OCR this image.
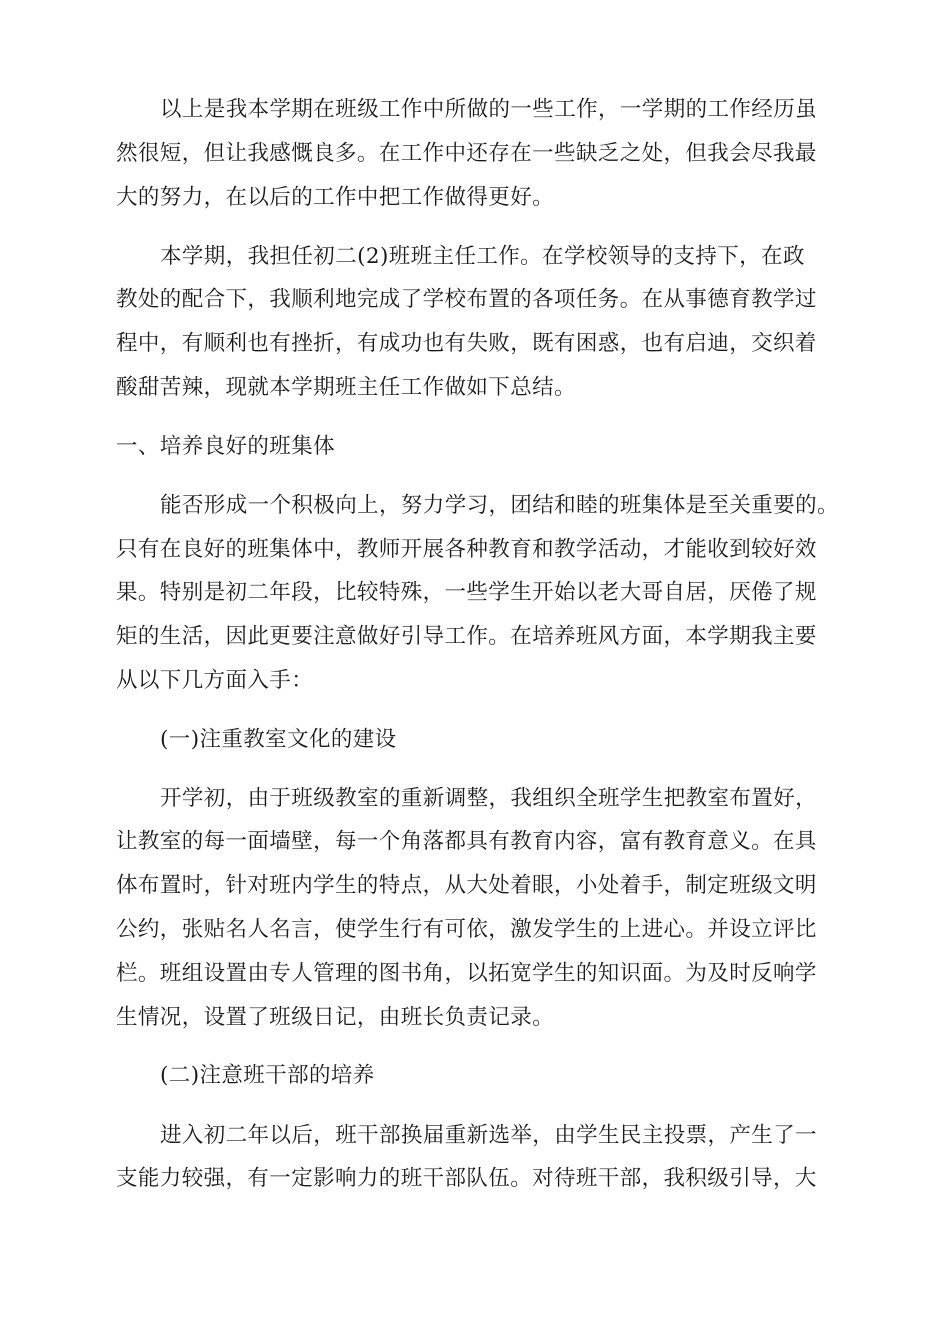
以上是我本学期在班级工作中所做的一些工作，一学期的工作经历虽
然很短，但让我感慨良多。在工作中还存在一些缺乏之处，但我会尽我最
大的努力，在以后的工作中把工作做得更好。
本学期，我担任初二(2)班班主任工作。在学校领导的支持下，在政
教处的配合下，我顺利地完成了学校布置的各项任务。在从事德育教学过
程中，有顺利也有挫折，有成功也有失败，既有困惑，也有启迪，交织着
酸甜苦辣，现就本学期班主任工作做如下总结。
一、培养良好的班集体
能否形成一个积极向上，努力学习，团结和睦的班集体是至关重要的。
只有在良好的班集体中，教师开展各种教育和教学活动，才能收到较好效
果。特别是初二年段，比较特殊，一些学生开始以老大哥自居，厌倦了规
矩的生活，因此更要注意做好引导工作。在培养班风方面，本学期我主要
从以下几方面入手：
(一)注重教室文化的建设
开学初，由于班级教室的重新调整，我组织全班学生把教室布置好，
让教室的每一面墙壁，每一个角落都具有教育内容，富有教育意义。在具
体布置时，针对班内学生的特点，从大处着眼，小处着手，制定班级文明
公约，张贴名人名言，使学生行有可依，激发学生的上进心。并设立评比
栏。班组设置由专人管理的图书角，以拓宽学生的知识面。为及时反响学
生情况，设置了班级日记，由班长负责记录。
(二)注意班干部的培养
进入初二年以后，班干部换届重新选举，由学生民主投票，产生了一
支能力较强，有一定影响力的班干部队伍。对待班干部，我积级引导，大
